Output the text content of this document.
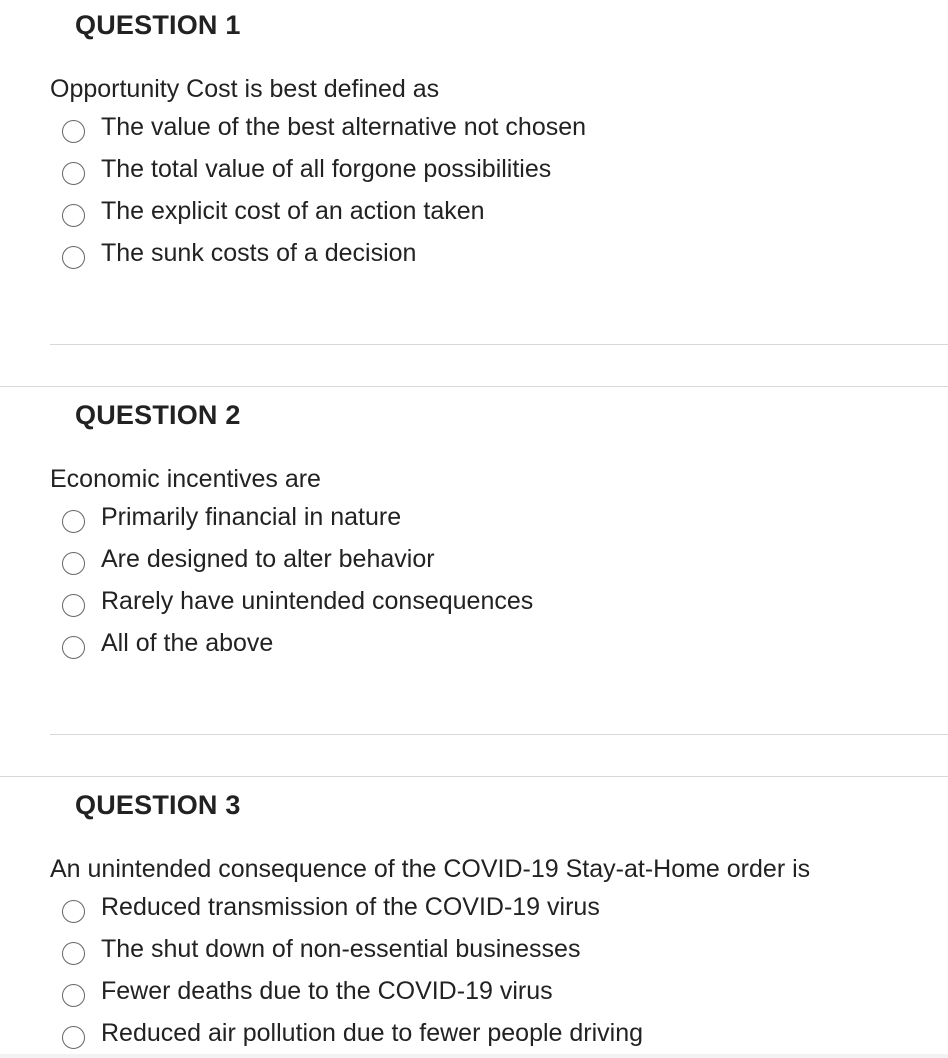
QUESTION 1
Opportunity Cost is best defined as
The value of the best alternative not chosen
The total value of all forgone possibilities
The explicit cost of an action taken
The sunk costs of a decision
QUESTION 2
Economic incentives are
Primarily financial in nature
Are designed to alter behavior
Rarely have unintended consequences
All of the above
QUESTION 3
An unintended consequence of the COVID-19 Stay-at-Home order is
Reduced transmission of the COVID-19 virus
The shut down of non-essential businesses
Fewer deaths due to the COVID-19 virus
Reduced air pollution due to fewer people driving
